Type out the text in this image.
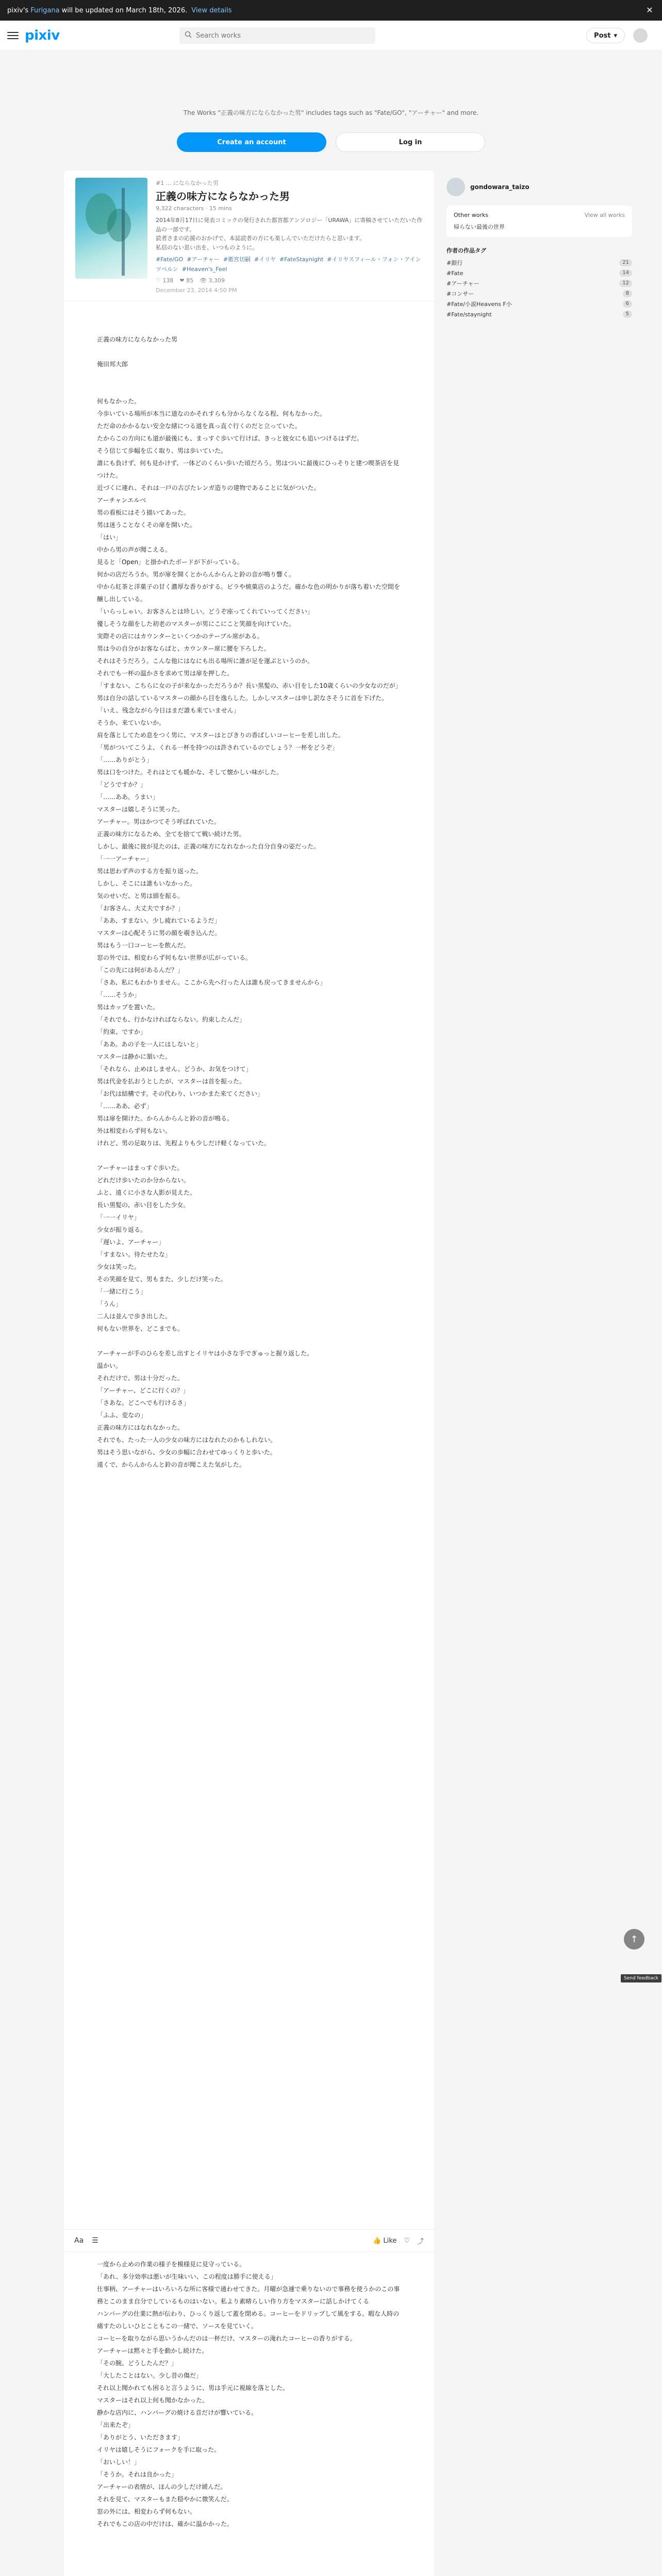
pixiv's Furigana will be updated on March 18th, 2026. View details	✕
pixiv
Search works	Post ▾
The Works "正義の味方にならなかった男" includes tags such as "Fate/GO", "アーチャー" and more.
Create an account	Log in
#1 ... にならなかった男
正義の味方にならなかった男
9,322 characters · 15 mins
2014年8月17日に発表コミックの発行された都宮都アンソロジー「URAWA」に寄稿させていただいた作品の一部です。
読者さまの応援のおかげで、本誌読者の方にも楽しんでいただけたらと思います。
私信のない思い出を、いつものように。
#Fate/GO #アーチャー #衛宮切嗣 #イリヤ #FateStaynight #イリヤスフィール・フォン・アインツベルン #Heaven's_Feel
♡ 138 ❤ 85 👁 3,309
December 23, 2014 4:50 PM

正義の味方にならなかった男

俺田邦大郎

何もなかった。

今歩いている場所が本当に道なのかそれすらも分からなくなる程、何もなかった。

ただ命のかかるない安全な緒につる道を真っ直ぐ行くのだと立っていた。

たからこの方向にも道が最後にも、まっすぐ歩いて行けば、きっと彼女にも追いつけるはずだ。

そう信じて歩幅を広く取り、男は歩いていた。

誰にも負けず、何も見かけず、一体どのくらい歩いた頃だろう。男はついに最後にひっそりと建つ喫茶店を見つけた。

近づくに連れ、それは一戸の古びたレンガ造りの建物であることに気がついた。

アーチャンエルベ

男の看板にはそう描いてあった。

男は迷うことなくその扉を開いた。

「はい」

中から男の声が聞こえる。

見ると「Open」と掛かれたボードが下がっている。

何かの店だろうか。男が扉を開くとからんからんと鈴の音が鳴り響く。

中から紅茶と洋菓子の甘く濃厚な香りがする。ビラや焼菓店のようだ。確かな色の明かりが落ち着いた空間を醸し出している。

「いらっしゃい。お客さんとは珍しい。どうぞ座ってくれていってください」

優しそうな顔をした初老のマスターが男にこにこと笑顔を向けていた。

実際その店にはカウンターといくつかのテーブル席がある。

男は今の自分がお客ならばと、カウンター席に腰を下ろした。

それはそうだろう。こんな他にはなにも出る場所に誰が足を運ぶというのか。

それでも一杯の温かさを求めて男は扉を押した。

「すまない、こちらに女の子が来なかっただろうか？長い黒髪の、赤い目をした10歳くらいの少女なのだが」

男は自分の話しているマスターの顔から目を逸らした。しかしマスターは申し訳なさそうに首を下げた。

「いえ、残念ながら今日はまだ誰も来ていません」

そうか、来ていないか。

肩を落としてため息をつく男に、マスターはとびきりの香ばしいコーヒーを差し出した。

「男がついてこうよ、くれる一杯を持つのは許されているのでしょう？一杯をどうぞ」

「……ありがとう」

男は口をつけた。それはとても暖かな、そして懐かしい味がした。

「どうですか？」

「……ああ。うまい」

マスターは嬉しそうに笑った。

アーチャー。男はかつてそう呼ばれていた。

正義の味方になるため、全てを捨てて戦い続けた男。

しかし、最後に彼が見たのは、正義の味方になれなかった自分自身の姿だった。

「一一アーチャー」

男は思わず声のする方を振り返った。

しかし、そこには誰もいなかった。

気のせいだ、と男は頭を振る。

「お客さん、大丈夫ですか？」

「ああ、すまない。少し疲れているようだ」

マスターは心配そうに男の顔を覗き込んだ。

男はもう一口コーヒーを飲んだ。

窓の外では、相変わらず何もない世界が広がっている。

「この先には何があるんだ？」

「さあ、私にもわかりません。ここから先へ行った人は誰も戻ってきませんから」

「……そうか」

男はカップを置いた。

「それでも、行かなければならない。約束したんだ」

「約束、ですか」

「ああ。あの子を一人にはしないと」

マスターは静かに頷いた。

「それなら、止めはしません。どうか、お気をつけて」

男は代金を払おうとしたが、マスターは首を振った。

「お代は結構です。その代わり、いつかまた来てください」

「……ああ、必ず」

男は扉を開けた。からんからんと鈴の音が鳴る。

外は相変わらず何もない。

けれど、男の足取りは、先程よりも少しだけ軽くなっていた。

アーチャーはまっすぐ歩いた。

どれだけ歩いたのか分からない。

ふと、遠くに小さな人影が見えた。

長い黒髪の、赤い目をした少女。

「一一イリヤ」

少女が振り返る。

「遅いよ、アーチャー」

「すまない。待たせたな」

少女は笑った。

その笑顔を見て、男もまた、少しだけ笑った。

「一緒に行こう」

「うん」

二人は並んで歩き出した。

何もない世界を、どこまでも。

アーチャーが手のひらを差し出すとイリヤは小さな手でぎゅっと握り返した。

温かい。

それだけで、男は十分だった。

「アーチャー、どこに行くの？」

「さあな。どこへでも行けるさ」

「ふふ、変なの」

正義の味方にはなれなかった。

それでも、たった一人の少女の味方にはなれたのかもしれない。

男はそう思いながら、少女の歩幅に合わせてゆっくりと歩いた。

遠くで、からんからんと鈴の音が聞こえた気がした。

Aa ☰	👍 Like ♡ ⤴

一度から止めの作業の様子を模様見に見守っている。

「あれ、多分効率は悪いが生味いい、この程度は勝手に使える」

仕事柄、アーチャーはいろいろな所に客様で通わせてきた。月曜が急遽で乗りないので事務を使うかのこの事務とこのまま自分でしているものはいない。私より素晴らしい作り方をマスターに話しかけてくる

ハンバーグの仕業に熱が伝わり、ひっくり返して蓋を閉める。コーヒーをドリップして風をする。暇な人時の痛すたのしいひとこともこの一緒で、ソースを見ていく。

コーヒーを取りながら思いうかんだのは一杯だけ、マスターの淹れたコーヒーの香りがする。

アーチャーは黙々と手を動かし続けた。

「その腕、どうしたんだ？」

「大したことはない。少し昔の傷だ」

それ以上聞かれても困ると言うように、男は手元に視線を落とした。

マスターはそれ以上何も聞かなかった。

静かな店内に、ハンバーグの焼ける音だけが響いている。

「出来たぞ」

「ありがとう、いただきます」

イリヤは嬉しそうにフォークを手に取った。

「おいしい！」

「そうか。それは良かった」

アーチャーの表情が、ほんの少しだけ緩んだ。

それを見て、マスターもまた穏やかに微笑んだ。

窓の外には、相変わらず何もない。

それでもこの店の中だけは、確かに温かかった。

gondowara_taizo
Other works	View all works
帰らない最後の世界
作者の作品タグ
#銀行	21
#Fate	14
#アーチャー	12
#コンサー	8
#Fate/小説Heavens F小	6
#Fate/staynight	5
↑
Send feedback
